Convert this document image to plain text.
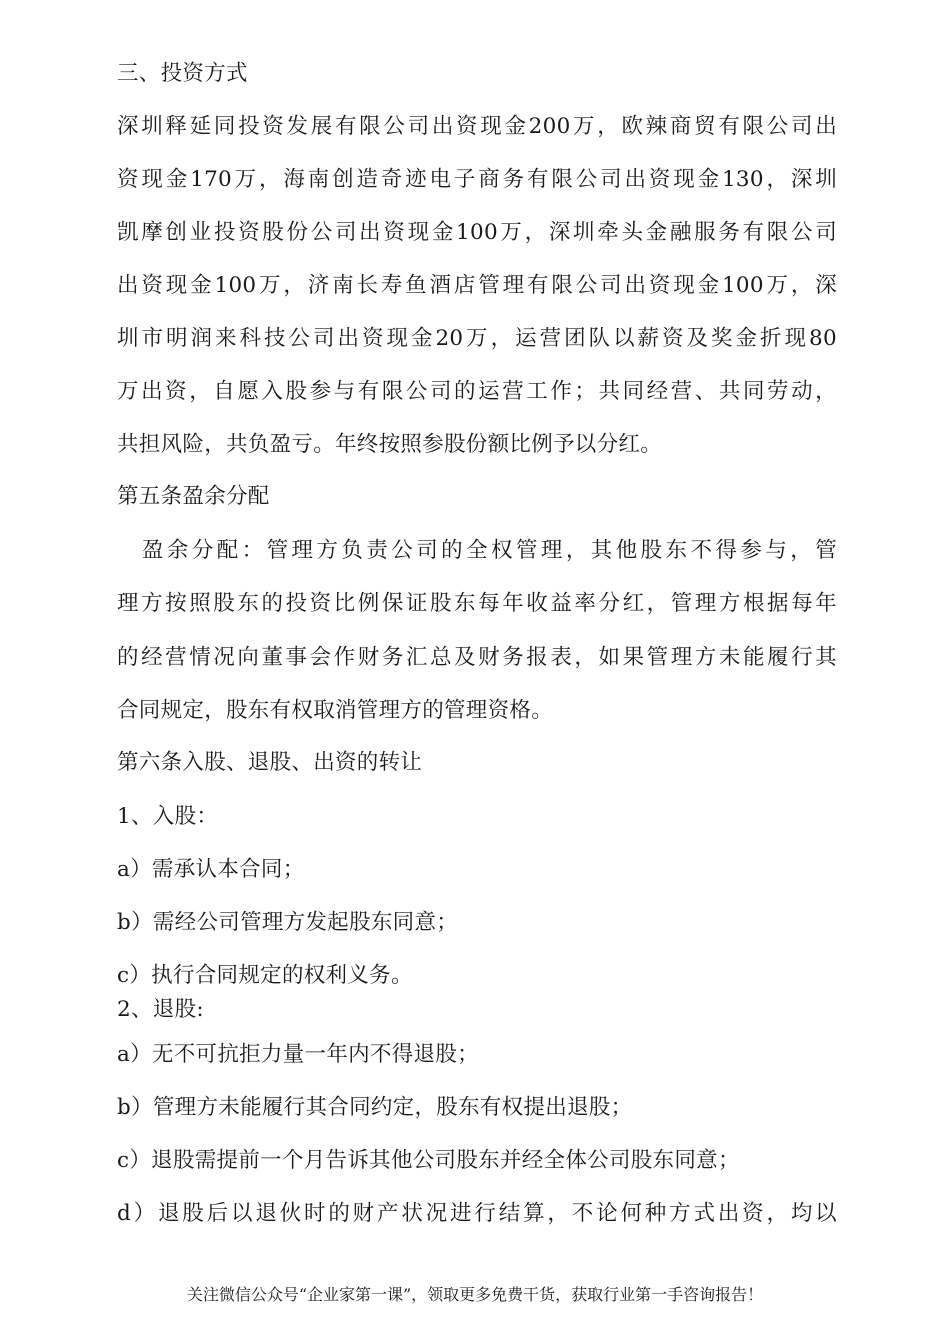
三、投资方式
深圳释延同投资发展有限公司出资现金200万，欧辣商贸有限公司出
资现金170万，海南创造奇迹电子商务有限公司出资现金130，深圳
凯摩创业投资股份公司出资现金100万，深圳牵头金融服务有限公司
出资现金100万，济南长寿鱼酒店管理有限公司出资现金100万，深
圳市明润来科技公司出资现金20万，运营团队以薪资及奖金折现80
万出资，自愿入股参与有限公司的运营工作；共同经营、共同劳动，
共担风险，共负盈亏。年终按照参股份额比例予以分红。
第五条盈余分配
　盈余分配：管理方负责公司的全权管理，其他股东不得参与，管
理方按照股东的投资比例保证股东每年收益率分红，管理方根据每年
的经营情况向董事会作财务汇总及财务报表，如果管理方未能履行其
合同规定，股东有权取消管理方的管理资格。
第六条入股、退股、出资的转让
1、入股：
a）需承认本合同；
b）需经公司管理方发起股东同意；
c）执行合同规定的权利义务。
2、退股:
a）无不可抗拒力量一年内不得退股；
b）管理方未能履行其合同约定，股东有权提出退股；
c）退股需提前一个月告诉其他公司股东并经全体公司股东同意；
d）退股后以退伙时的财产状况进行结算，不论何种方式出资，均以
关注微信公众号“企业家第一课”，领取更多免费干货，获取行业第一手咨询报告！
